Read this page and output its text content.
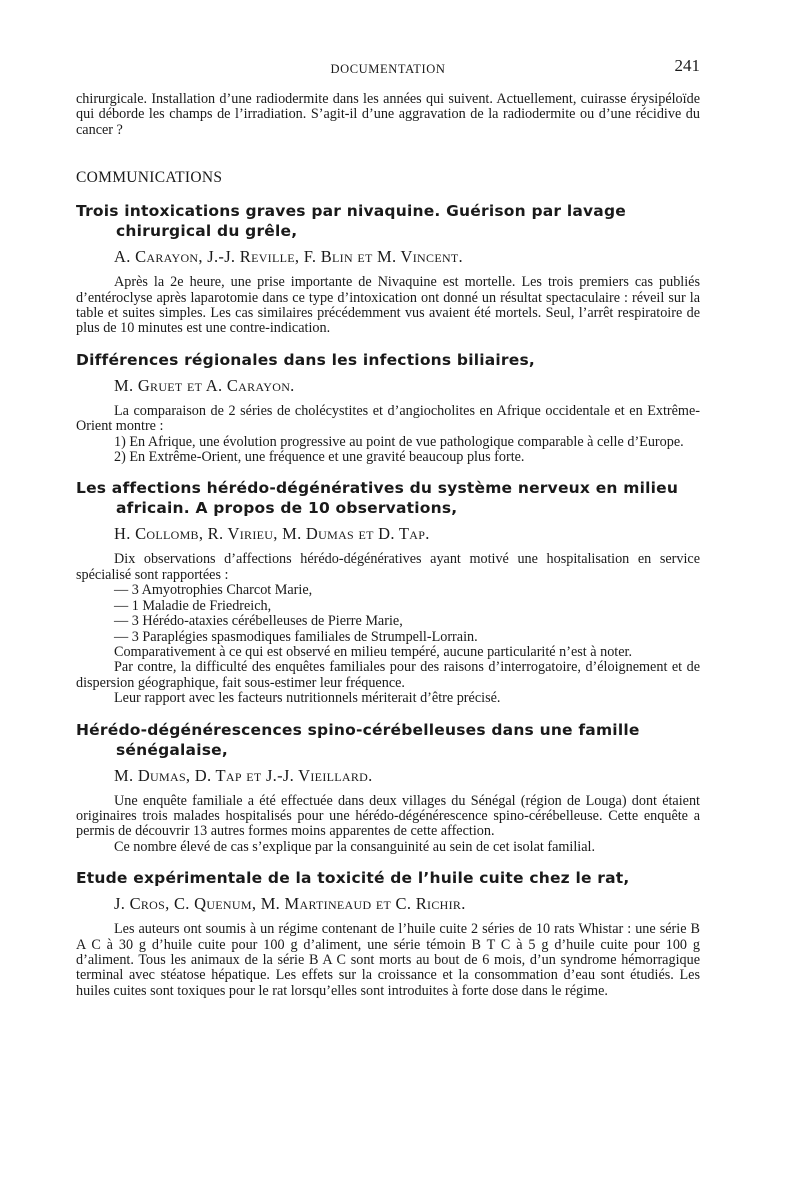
DOCUMENTATION	241

chirurgicale. Installation d’une radiodermite dans les années qui suivent. Actuellement, cuirasse érysipéloïde qui déborde les champs de l’irradiation. S’agit-il d’une aggravation de la radiodermite ou d’une récidive du cancer ?

COMMUNICATIONS
Trois intoxications graves par nivaquine. Guérison par lavage chirurgical du grêle,
A. Carayon, J.-J. Reville, F. Blin et M. Vincent.

Après la 2e heure, une prise importante de Nivaquine est mortelle. Les trois premiers cas publiés d’entéroclyse après laparotomie dans ce type d’intoxication ont donné un résultat spectaculaire : réveil sur la table et suites simples. Les cas similaires précédemment vus avaient été mortels. Seul, l’arrêt respiratoire de plus de 10 minutes est une contre-indication.

Différences régionales dans les infections biliaires,
M. Gruet et A. Carayon.

La comparaison de 2 séries de cholécystites et d’angiocholites en Afrique occidentale et en Extrême-Orient montre :

1) En Afrique, une évolution progressive au point de vue pathologique comparable à celle d’Europe.

2) En Extrême-Orient, une fréquence et une gravité beaucoup plus forte.

Les affections hérédo-dégénératives du système nerveux en milieu africain. A propos de 10 observations,
H. Collomb, R. Virieu, M. Dumas et D. Tap.

Dix observations d’affections hérédo-dégénératives ayant motivé une hospitalisation en service spécialisé sont rapportées :

— 3 Amyotrophies Charcot Marie,

— 1 Maladie de Friedreich,

— 3 Hérédo-ataxies cérébelleuses de Pierre Marie,

— 3 Paraplégies spasmodiques familiales de Strumpell-Lorrain.

Comparativement à ce qui est observé en milieu tempéré, aucune particularité n’est à noter.

Par contre, la difficulté des enquêtes familiales pour des raisons d’interrogatoire, d’éloignement et de dispersion géographique, fait sous-estimer leur fréquence.

Leur rapport avec les facteurs nutritionnels mériterait d’être précisé.

Hérédo-dégénérescences spino-cérébelleuses dans une famille sénégalaise,
M. Dumas, D. Tap et J.-J. Vieillard.

Une enquête familiale a été effectuée dans deux villages du Sénégal (région de Louga) dont étaient originaires trois malades hospitalisés pour une hérédo-dégénérescence spino-cérébelleuse. Cette enquête a permis de découvrir 13 autres formes moins apparentes de cette affection.

Ce nombre élevé de cas s’explique par la consanguinité au sein de cet isolat familial.

Etude expérimentale de la toxicité de l’huile cuite chez le rat,
J. Cros, C. Quenum, M. Martineaud et C. Richir.

Les auteurs ont soumis à un régime contenant de l’huile cuite 2 séries de 10 rats Whistar : une série B A C à 30 g d’huile cuite pour 100 g d’aliment, une série témoin B T C à 5 g d’huile cuite pour 100 g d’aliment. Tous les animaux de la série B A C sont morts au bout de 6 mois, d’un syndrome hémorragique terminal avec stéatose hépatique. Les effets sur la croissance et la consommation d’eau sont étudiés. Les huiles cuites sont toxiques pour le rat lorsqu’elles sont introduites à forte dose dans le régime.
